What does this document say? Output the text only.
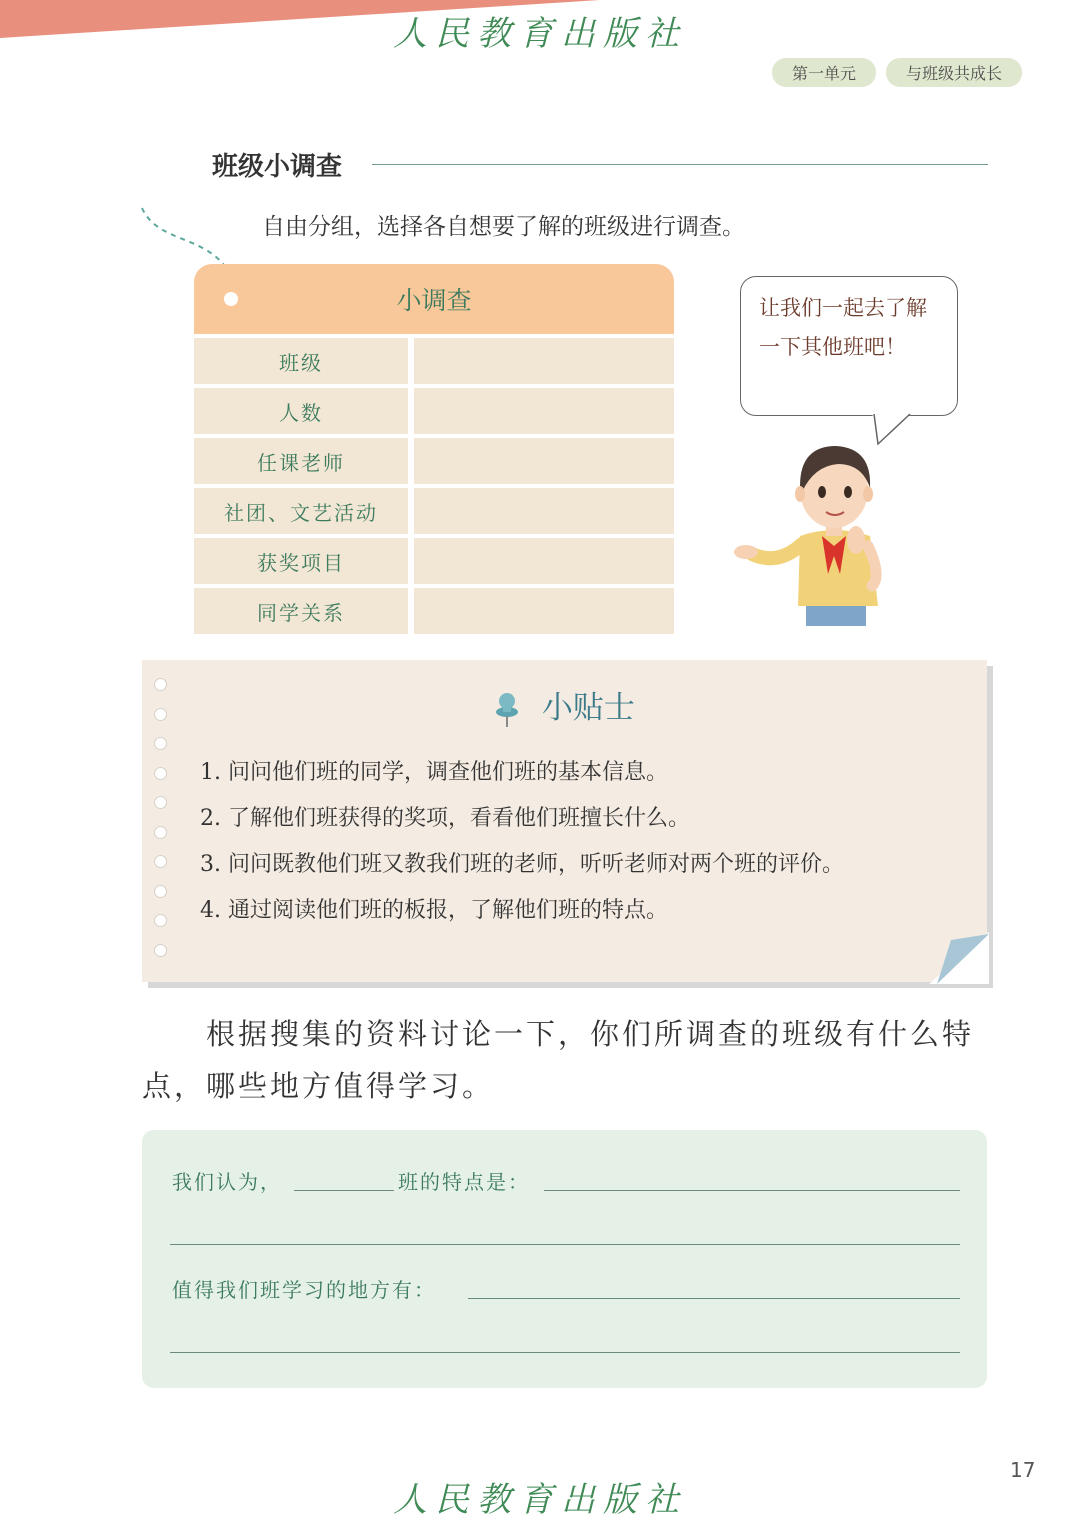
人民教育出版社
第一单元	与班级共成长
班级小调查
自由分组，选择各自想要了解的班级进行调查。
小调查
班级
人数
任课老师
社团、文艺活动
获奖项目
同学关系
让我们一起去了解一下其他班吧！
小贴士
1. 问问他们班的同学，调查他们班的基本信息。
2. 了解他们班获得的奖项，看看他们班擅长什么。
3. 问问既教他们班又教我们班的老师，听听老师对两个班的评价。
4. 通过阅读他们班的板报，了解他们班的特点。

根据搜集的资料讨论一下，你们所调查的班级有什么特点，哪些地方值得学习。

我们认为，	班的特点是：
值得我们班学习的地方有：
17
人民教育出版社
